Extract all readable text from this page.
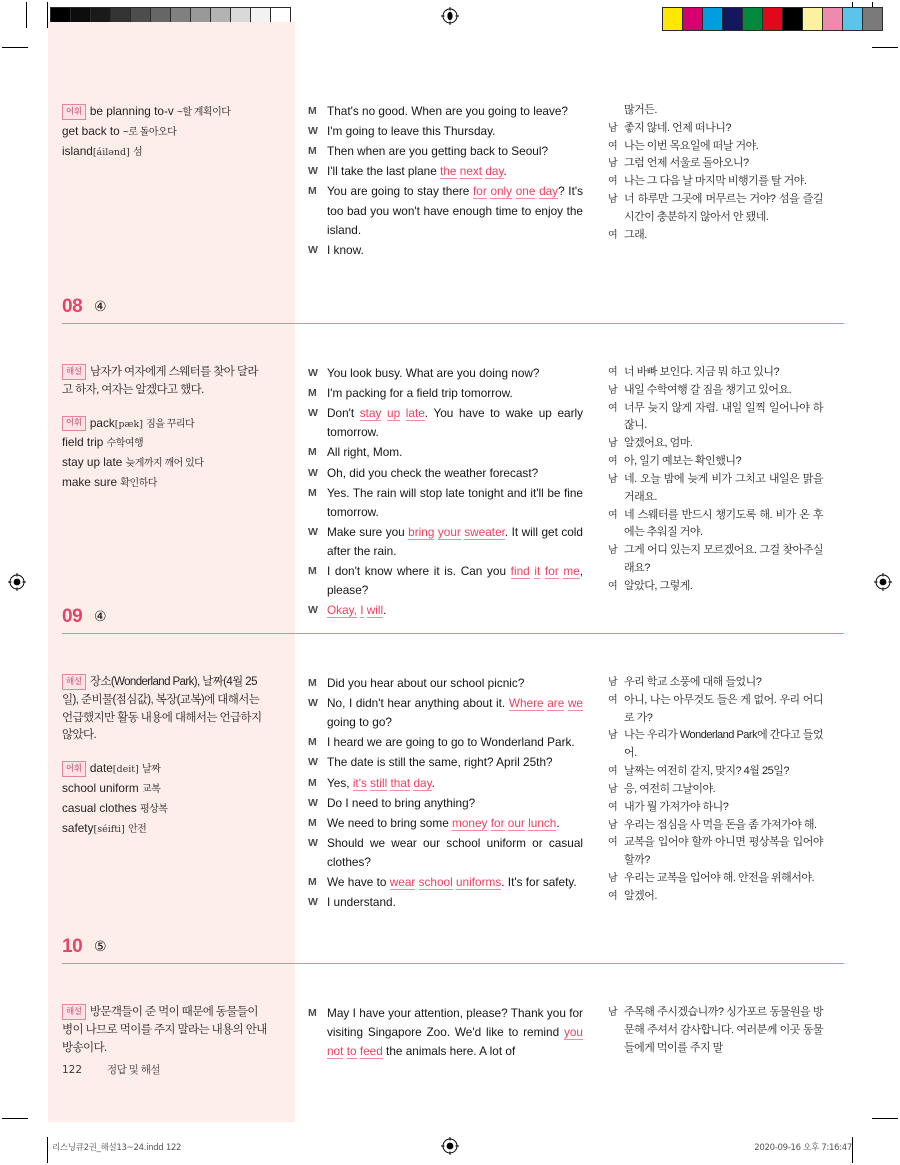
어휘 be planning to-v ~할 계획이다
get back to ~로 돌아오다
island[áilənd] 섬
M That's no good. When are you going to leave?
W I'm going to leave this Thursday.
M Then when are you getting back to Seoul?
W I'll take the last plane the next day.
M You are going to stay there for only one day? It's too bad you won't have enough time to enjoy the island.
W I know.
많거든.
남 좋지 않네. 언제 떠나니?
여 나는 이번 목요일에 떠날 거야.
남 그럼 언제 서울로 돌아오니?
여 나는 그 다음 날 마지막 비행기를 탈 거야.
남 너 하루만 그곳에 머무르는 거야? 섬을 즐길 시간이 충분하지 않아서 안 됐네.
여 그래.
08 ④
해설 남자가 여자에게 스웨터를 찾아 달라고 하자, 여자는 알겠다고 했다.
어휘 pack[pæk] 짐을 꾸리다
field trip 수학여행
stay up late 늦게까지 깨어 있다
make sure 확인하다
W You look busy. What are you doing now?
M I'm packing for a field trip tomorrow.
W Don't stay up late. You have to wake up early tomorrow.
M All right, Mom.
W Oh, did you check the weather forecast?
M Yes. The rain will stop late tonight and it'll be fine tomorrow.
W Make sure you bring your sweater. It will get cold after the rain.
M I don't know where it is. Can you find it for me, please?
W Okay, I will.
여 너 바빠 보인다. 지금 뭐 하고 있니?
남 내일 수학여행 갈 짐을 챙기고 있어요.
여 너무 늦지 않게 자렴. 내일 일찍 일어나야 하잖니.
남 알겠어요, 엄마.
여 아, 일기 예보는 확인했니?
남 네. 오늘 밤에 늦게 비가 그치고 내일은 맑을 거래요.
여 네 스웨터를 반드시 챙기도록 해. 비가 온 후에는 추워질 거야.
남 그게 어디 있는지 모르겠어요. 그걸 찾아주실래요?
여 알았다, 그렇게.
09 ④
해설 장소(Wonderland Park), 날짜(4월 25일), 준비물(점심값), 복장(교복)에 대해서는 언급했지만 활동 내용에 대해서는 언급하지 않았다.
어휘 date[deit] 날짜
school uniform 교복
casual clothes 평상복
safety[séifti] 안전
M Did you hear about our school picnic?
W No, I didn't hear anything about it. Where are we going to go?
M I heard we are going to go to Wonderland Park.
W The date is still the same, right? April 25th?
M Yes, it's still that day.
W Do I need to bring anything?
M We need to bring some money for our lunch.
W Should we wear our school uniform or casual clothes?
M We have to wear school uniforms. It's for safety.
W I understand.
남 우리 학교 소풍에 대해 들었니?
여 아니, 나는 아무것도 들은 게 없어. 우리 어디로 가?
남 나는 우리가 Wonderland Park에 간다고 들었어.
여 날짜는 여전히 같지, 맞지? 4월 25일?
남 응, 여전히 그날이야.
여 내가 뭘 가져가야 하니?
남 우리는 점심을 사 먹을 돈을 좀 가져가야 해.
여 교복을 입어야 할까 아니면 평상복을 입어야 할까?
남 우리는 교복을 입어야 해. 안전을 위해서야.
여 알겠어.
10 ⑤
해설 방문객들이 준 먹이 때문에 동물들이 병이 나므로 먹이를 주지 말라는 내용의 안내 방송이다.
M May I have your attention, please? Thank you for visiting Singapore Zoo. We'd like to remind you not to feed the animals here. A lot of
남 주목해 주시겠습니까? 싱가포르 동물원을 방문해 주셔서 감사합니다. 여러분께 이곳 동물들에게 먹이를 주지 말
122 정답 및 해설
리스닝큐2권_해설13~24.indd 122	2020-09-16 오후 7:16:47
